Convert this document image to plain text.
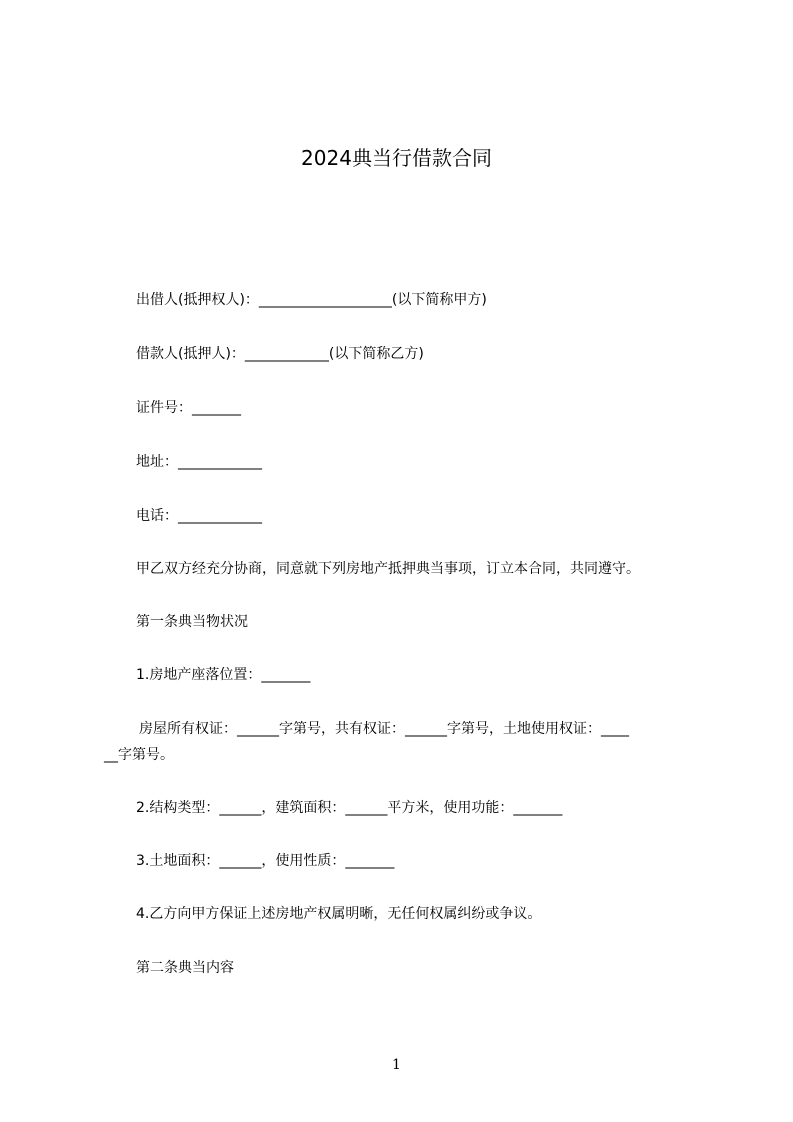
2024典当行借款合同
出借人(抵押权人)：___________________(以下简称甲方)
借款人(抵押人)：____________(以下简称乙方)
证件号：_______
地址：____________
电话：____________
甲乙双方经充分协商，同意就下列房地产抵押典当事项，订立本合同，共同遵守。
第一条典当物状况
1.房地产座落位置：_______
房屋所有权证：______字第号，共有权证：______字第号，土地使用权证：____
__字第号。
2.结构类型：______，建筑面积：______平方米，使用功能：_______
3.土地面积：______，使用性质：_______
4.乙方向甲方保证上述房地产权属明晰，无任何权属纠纷或争议。
第二条典当内容
1
